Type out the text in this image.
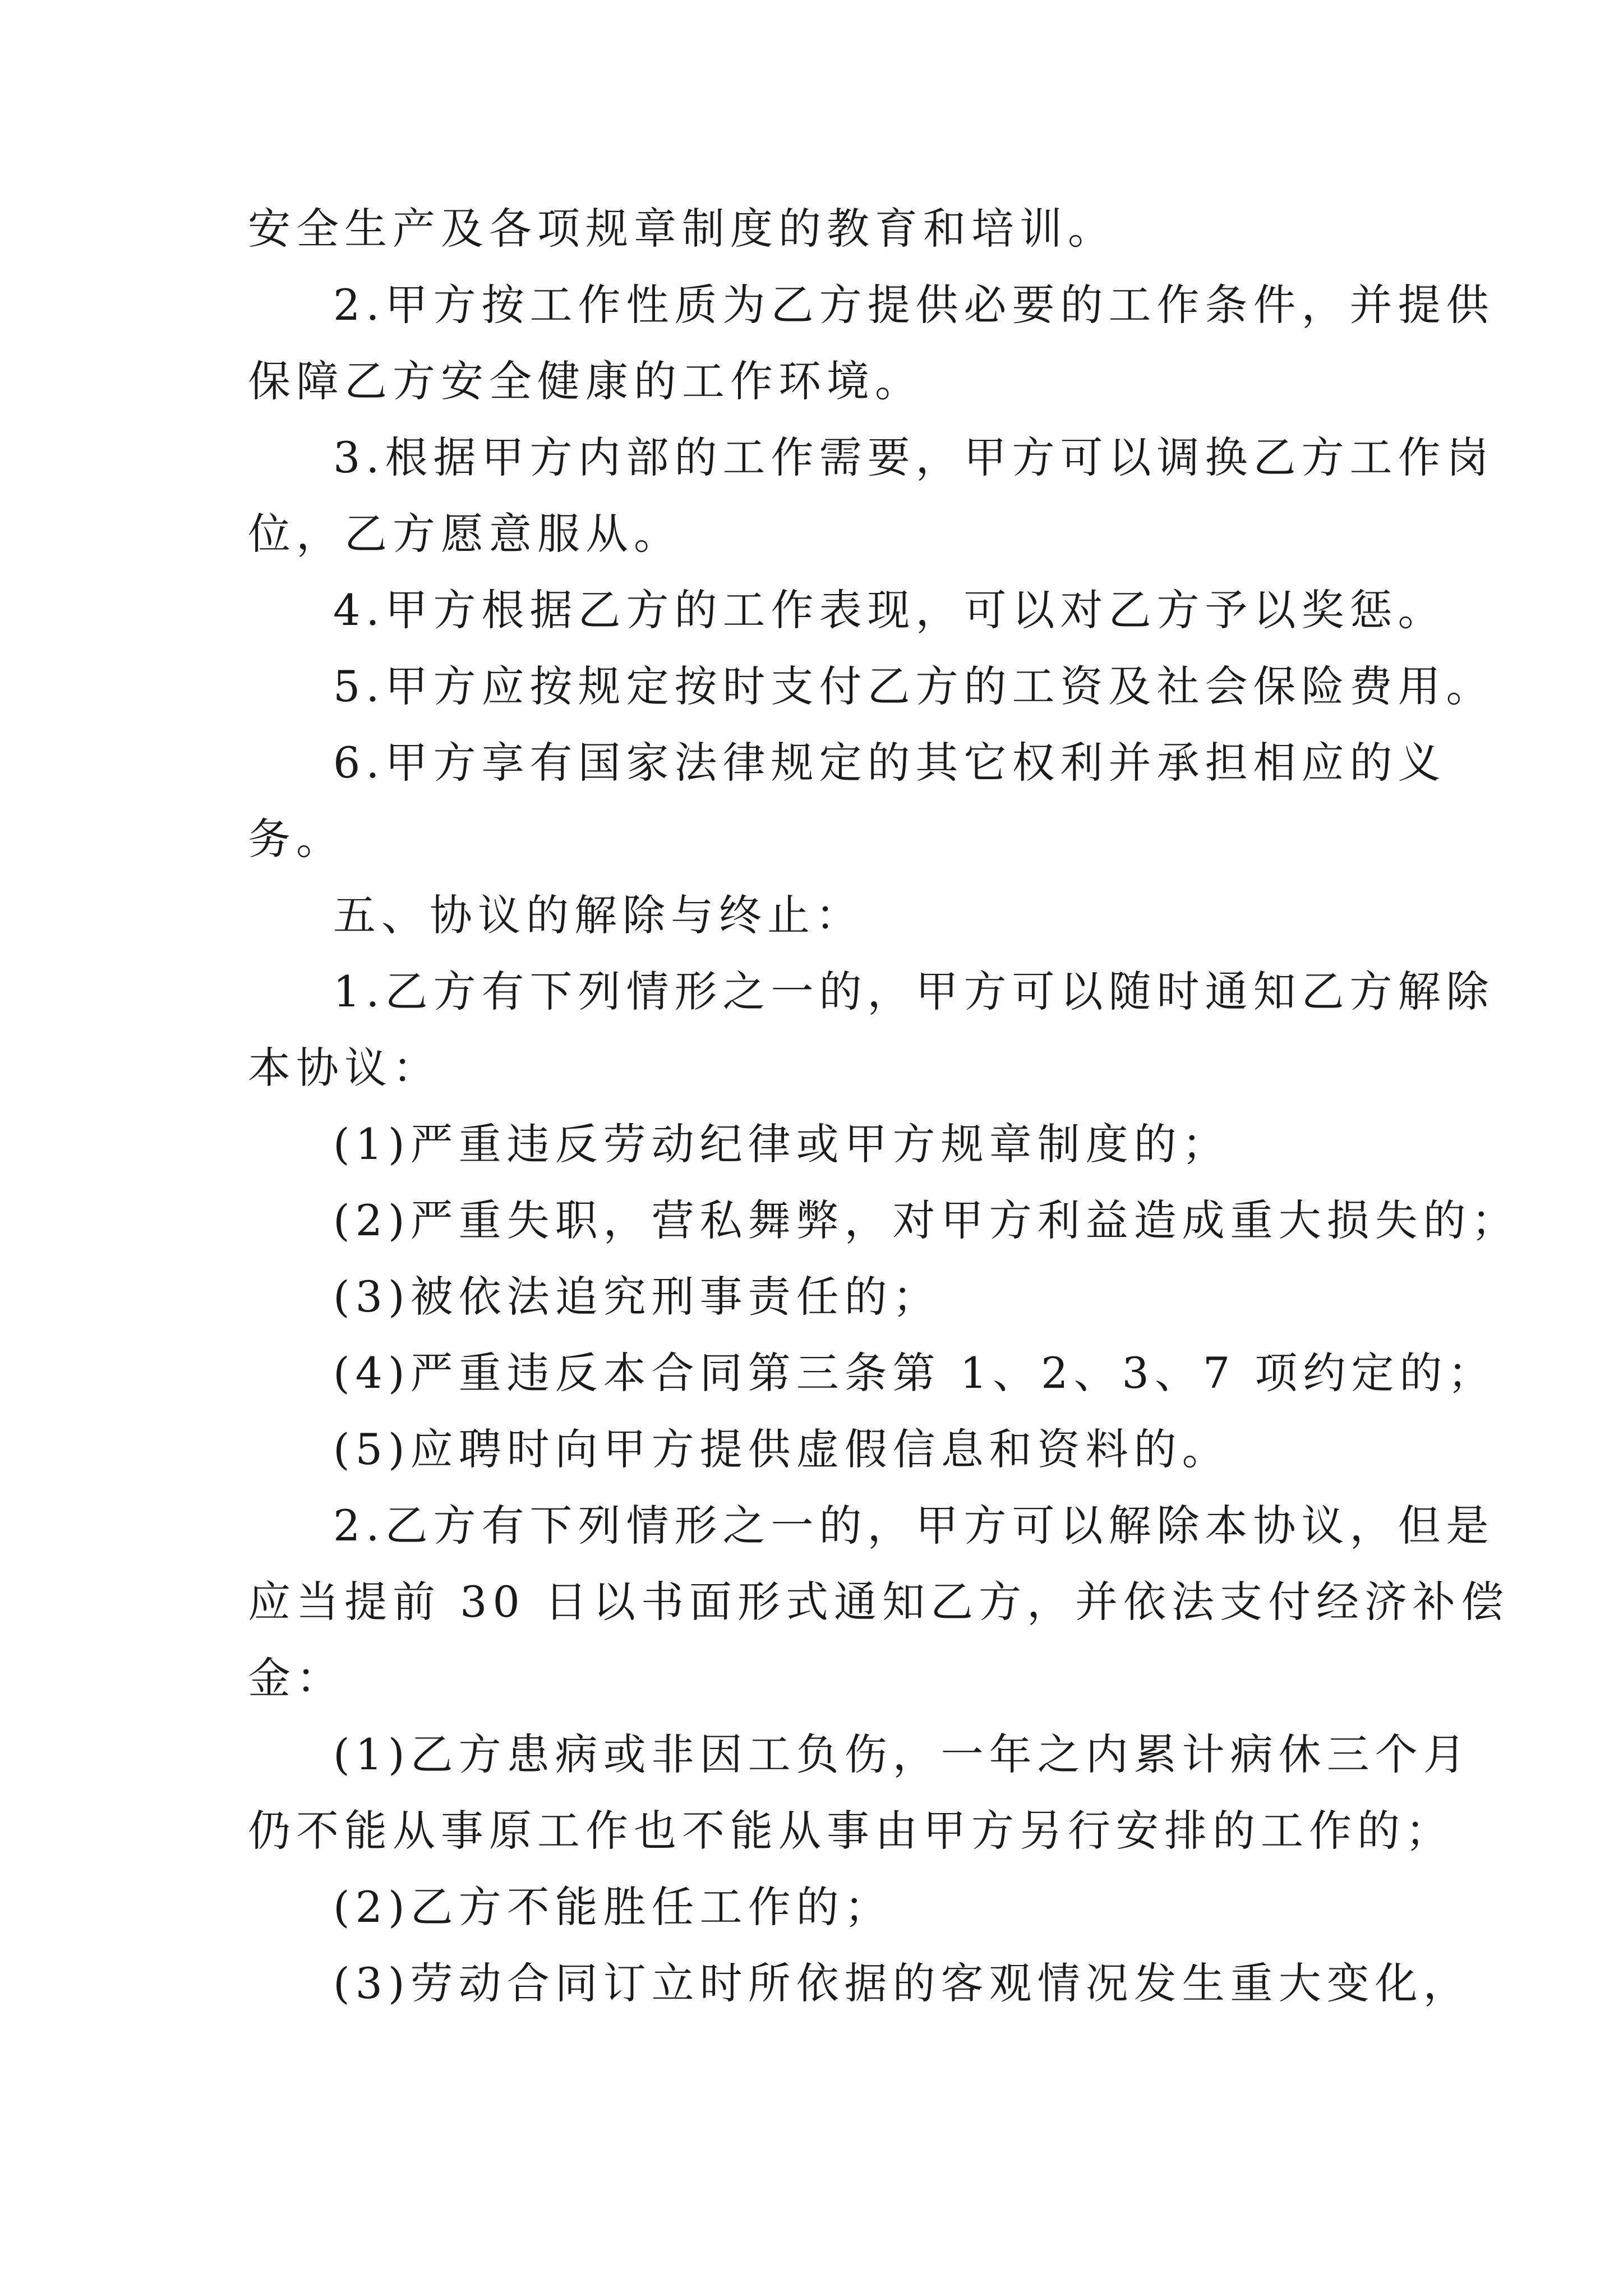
安全生产及各项规章制度的教育和培训。
2.甲方按工作性质为乙方提供必要的工作条件，并提供
保障乙方安全健康的工作环境。
3.根据甲方内部的工作需要，甲方可以调换乙方工作岗
位，乙方愿意服从。
4.甲方根据乙方的工作表现，可以对乙方予以奖惩。
5.甲方应按规定按时支付乙方的工资及社会保险费用。
6.甲方享有国家法律规定的其它权利并承担相应的义
务。
五、协议的解除与终止：
1.乙方有下列情形之一的，甲方可以随时通知乙方解除
本协议：
(1)严重违反劳动纪律或甲方规章制度的；
(2)严重失职，营私舞弊，对甲方利益造成重大损失的；
(3)被依法追究刑事责任的；
(4)严重违反本合同第三条第 1、2、3、7 项约定的；
(5)应聘时向甲方提供虚假信息和资料的。
2.乙方有下列情形之一的，甲方可以解除本协议，但是
应当提前 30 日以书面形式通知乙方，并依法支付经济补偿
金：
(1)乙方患病或非因工负伤，一年之内累计病休三个月
仍不能从事原工作也不能从事由甲方另行安排的工作的；
(2)乙方不能胜任工作的；
(3)劳动合同订立时所依据的客观情况发生重大变化，
